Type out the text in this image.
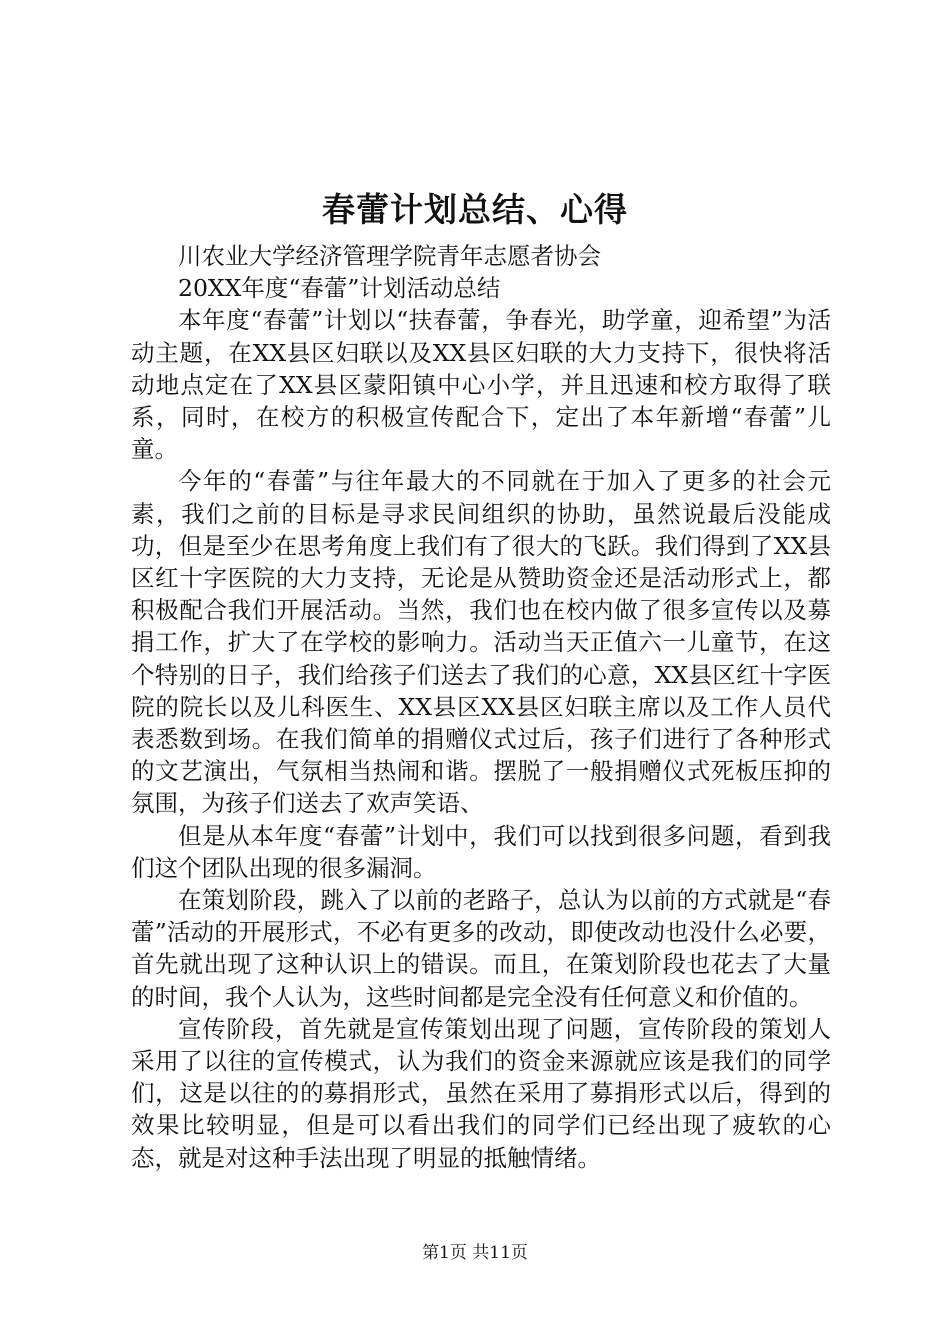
春蕾计划总结、心得

川农业大学经济管理学院青年志愿者协会

20XX年度“春蕾”计划活动总结

本年度“春蕾”计划以“扶春蕾，争春光，助学童，迎希望”为活动主题，在XX县区妇联以及XX县区妇联的大力支持下，很快将活动地点定在了XX县区蒙阳镇中心小学，并且迅速和校方取得了联系，同时，在校方的积极宣传配合下，定出了本年新增“春蕾”儿童。

今年的“春蕾”与往年最大的不同就在于加入了更多的社会元素，我们之前的目标是寻求民间组织的协助，虽然说最后没能成功，但是至少在思考角度上我们有了很大的飞跃。我们得到了XX县区红十字医院的大力支持，无论是从赞助资金还是活动形式上，都积极配合我们开展活动。当然，我们也在校内做了很多宣传以及募捐工作，扩大了在学校的影响力。活动当天正值六一儿童节，在这个特别的日子，我们给孩子们送去了我们的心意，XX县区红十字医院的院长以及儿科医生、XX县区XX县区妇联主席以及工作人员代表悉数到场。在我们简单的捐赠仪式过后，孩子们进行了各种形式的文艺演出，气氛相当热闹和谐。摆脱了一般捐赠仪式死板压抑的氛围，为孩子们送去了欢声笑语、

但是从本年度“春蕾”计划中，我们可以找到很多问题，看到我们这个团队出现的很多漏洞。

在策划阶段，跳入了以前的老路子，总认为以前的方式就是“春蕾”活动的开展形式，不必有更多的改动，即使改动也没什么必要，首先就出现了这种认识上的错误。而且，在策划阶段也花去了大量的时间，我个人认为，这些时间都是完全没有任何意义和价值的。

宣传阶段，首先就是宣传策划出现了问题，宣传阶段的策划人采用了以往的宣传模式，认为我们的资金来源就应该是我们的同学们，这是以往的的募捐形式，虽然在采用了募捐形式以后，得到的效果比较明显，但是可以看出我们的同学们已经出现了疲软的心态，就是对这种手法出现了明显的抵触情绪。

第1页 共11页
